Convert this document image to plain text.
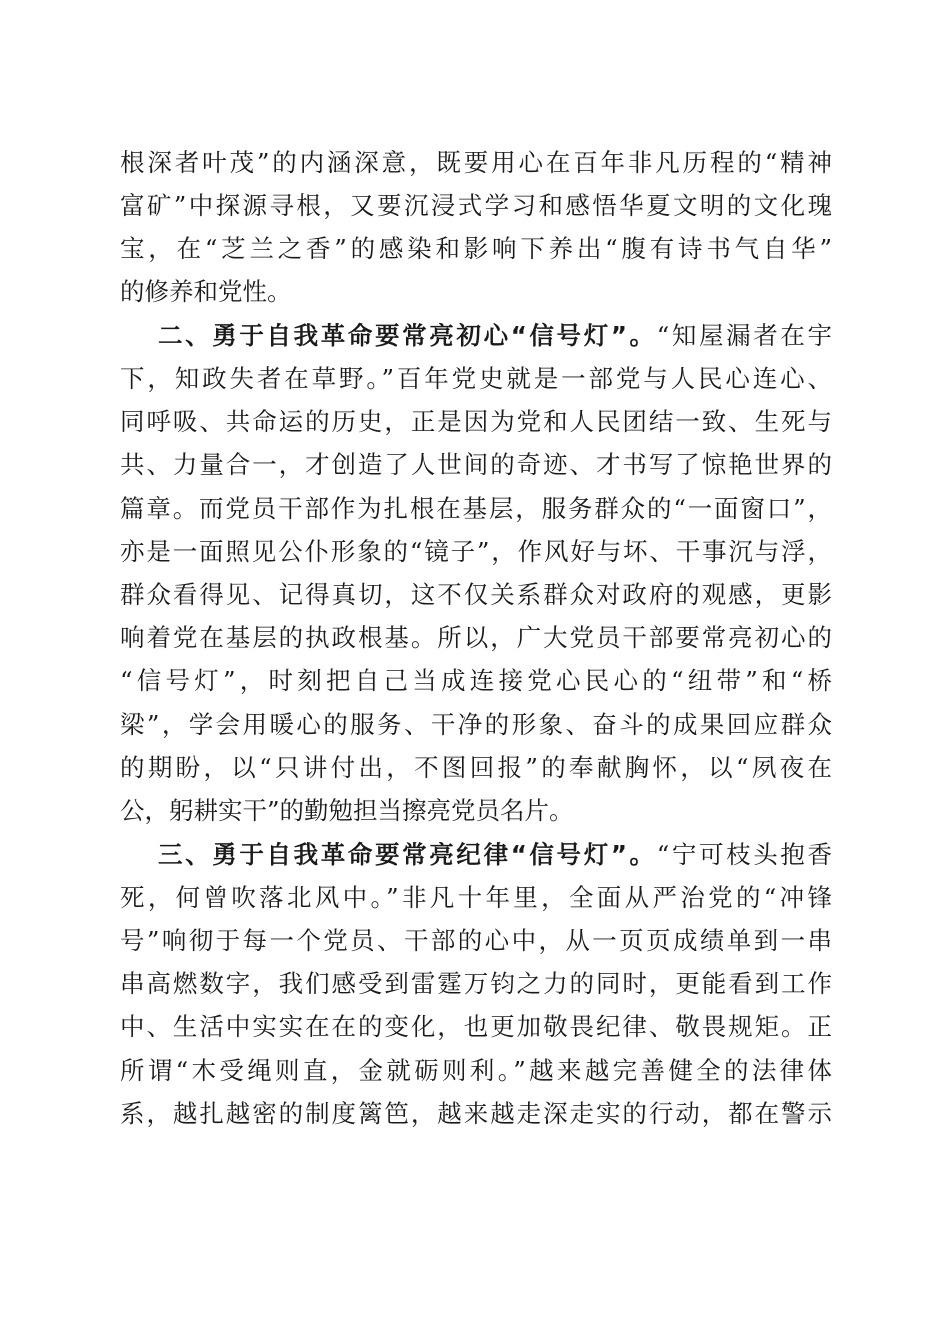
根深者叶茂”的内涵深意，既要用心在百年非凡历程的“精神
富矿”中探源寻根，又要沉浸式学习和感悟华夏文明的文化瑰
宝，在“芝兰之香”的感染和影响下养出“腹有诗书气自华”
的修养和党性。
二、勇于自我革命要常亮初心“信号灯”。“知屋漏者在宇
下，知政失者在草野。”百年党史就是一部党与人民心连心、
同呼吸、共命运的历史，正是因为党和人民团结一致、生死与
共、力量合一，才创造了人世间的奇迹、才书写了惊艳世界的
篇章。而党员干部作为扎根在基层，服务群众的“一面窗口”，
亦是一面照见公仆形象的“镜子”，作风好与坏、干事沉与浮，
群众看得见、记得真切，这不仅关系群众对政府的观感，更影
响着党在基层的执政根基。所以，广大党员干部要常亮初心的
“信号灯”，时刻把自己当成连接党心民心的“纽带”和“桥
梁”，学会用暖心的服务、干净的形象、奋斗的成果回应群众
的期盼，以“只讲付出，不图回报”的奉献胸怀，以“夙夜在
公，躬耕实干”的勤勉担当擦亮党员名片。
三、勇于自我革命要常亮纪律“信号灯”。“宁可枝头抱香
死，何曾吹落北风中。”非凡十年里，全面从严治党的“冲锋
号”响彻于每一个党员、干部的心中，从一页页成绩单到一串
串高燃数字，我们感受到雷霆万钧之力的同时，更能看到工作
中、生活中实实在在的变化，也更加敬畏纪律、敬畏规矩。正
所谓“木受绳则直，金就砺则利。”越来越完善健全的法律体
系，越扎越密的制度篱笆，越来越走深走实的行动，都在警示
